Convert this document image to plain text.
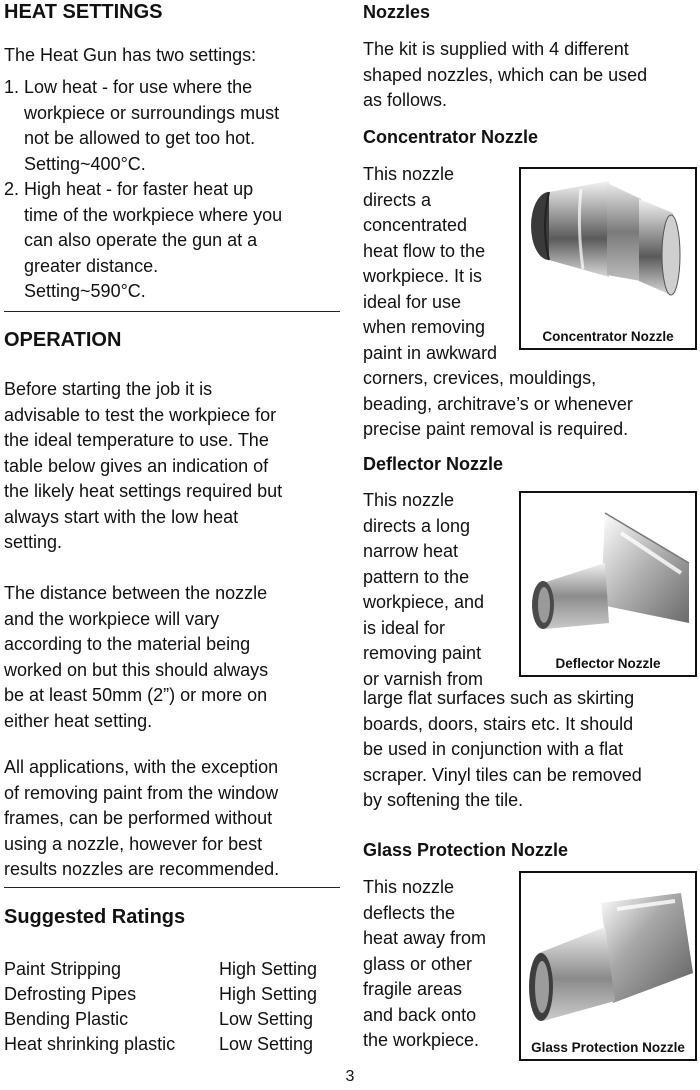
HEAT SETTINGS

The Heat Gun has two settings:

1. Low heat - for use where the
workpiece or surroundings must
not be allowed to get too hot.
Setting~400°C.
2. High heat - for faster heat up
time of the workpiece where you
can also operate the gun at a
greater distance.
Setting~590°C.
OPERATION
Before starting the job it is
advisable to test the workpiece for
the ideal temperature to use. The
table below gives an indication of
the likely heat settings required but
always start with the low heat
setting.
The distance between the nozzle
and the workpiece will vary
according to the material being
worked on but this should always
be at least 50mm (2”) or more on
either heat setting.
All applications, with the exception
of removing paint from the window
frames, can be performed without
using a nozzle, however for best
results nozzles are recommended.
Suggested Ratings
Paint Stripping	High Setting
Defrosting Pipes	High Setting
Bending Plastic	Low Setting
Heat shrinking plastic Low Setting
Nozzles
The kit is supplied with 4 different
shaped nozzles, which can be used
as follows.
Concentrator Nozzle
This nozzle
directs a
concentrated
heat flow to the
workpiece. It is
ideal for use
when removing
paint in awkward
corners, crevices, mouldings,
beading, architrave’s or whenever
precise paint removal is required.
Deflector Nozzle
This nozzle
directs a long
narrow heat
pattern to the
workpiece, and
is ideal for
removing paint
or varnish from
large flat surfaces such as skirting
boards, doors, stairs etc. It should
be used in conjunction with a flat
scraper. Vinyl tiles can be removed
by softening the tile.
Glass Protection Nozzle
This nozzle
deflects the
heat away from
glass or other
fragile areas
and back onto
the workpiece.
Concentrator Nozzle
Deflector Nozzle
Glass Protection Nozzle
3
